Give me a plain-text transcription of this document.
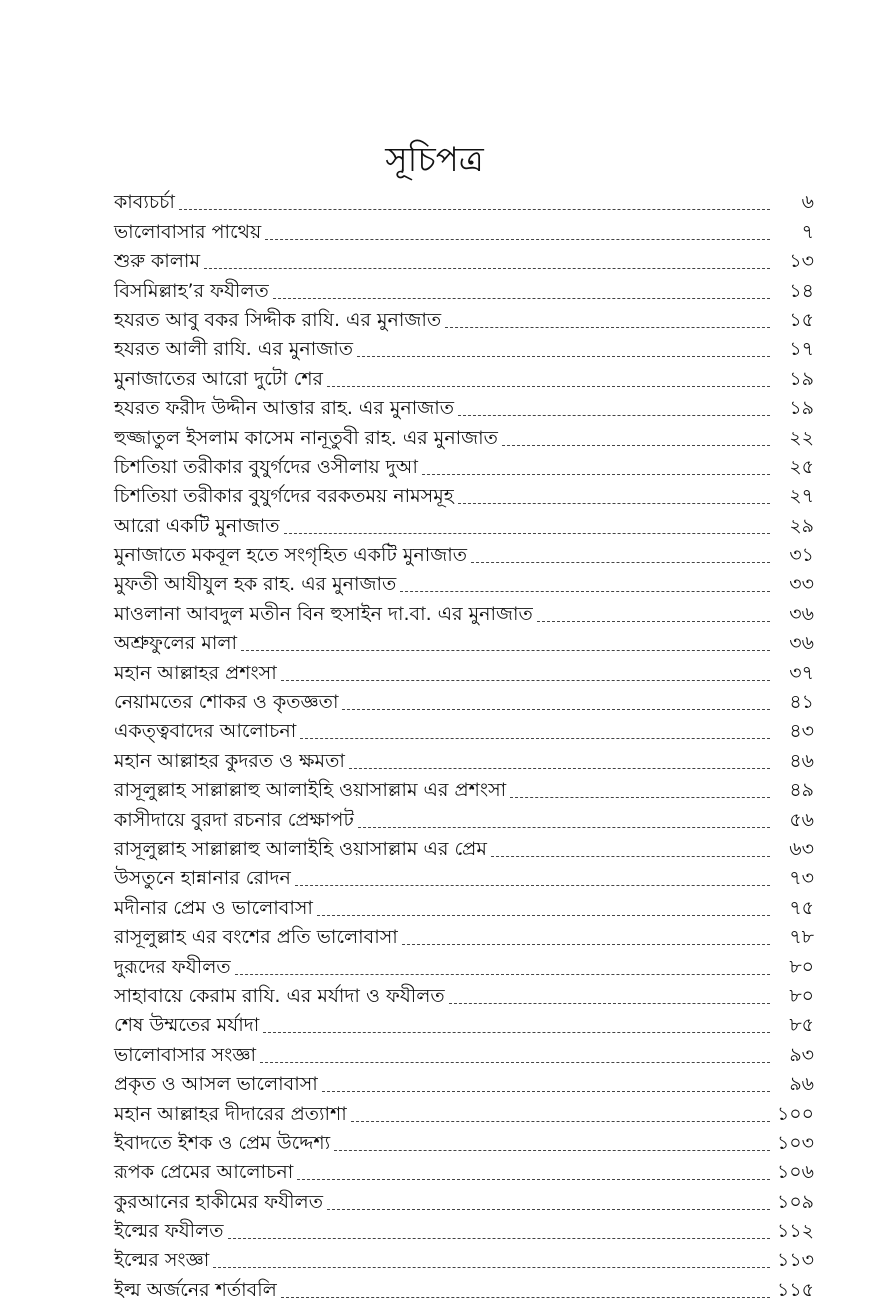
সূচিপত্র
কাব্যচর্চা	৬
ভালোবাসার পাথেয়	৭
শুরু কালাম	১৩
বিসমিল্লাহ’র ফযীলত	১৪
হযরত আবু বকর সিদ্দীক রাযি. এর মুনাজাত	১৫
হযরত আলী রাযি. এর মুনাজাত	১৭
মুনাজাতের আরো দুটো শের	১৯
হযরত ফরীদ উদ্দীন আত্তার রাহ. এর মুনাজাত	১৯
হুজ্জাতুল ইসলাম কাসেম নানূতুবী রাহ. এর মুনাজাত	২২
চিশতিয়া তরীকার বুযুর্গদের ওসীলায় দুআ	২৫
চিশতিয়া তরীকার বুযুর্গদের বরকতময় নামসমূহ	২৭
আরো একটি মুনাজাত	২৯
মুনাজাতে মকবূল হতে সংগৃহিত একটি মুনাজাত	৩১
মুফতী আযীযুল হক রাহ. এর মুনাজাত	৩৩
মাওলানা আবদুল মতীন বিন হুসাইন দা.বা. এর মুনাজাত	৩৬
অশ্রুফুলের মালা	৩৬
মহান আল্লাহর প্রশংসা	৩৭
নেয়ামতের শোকর ও কৃতজ্ঞতা	৪১
একত্ত্ববাদের আলোচনা	৪৩
মহান আল্লাহর কুদরত ও ক্ষমতা	৪৬
রাসূলুল্লাহ সাল্লাল্লাহু আলাইহি ওয়াসাল্লাম এর প্রশংসা	৪৯
কাসীদায়ে বুরদা রচনার প্রেক্ষাপট	৫৬
রাসূলুল্লাহ সাল্লাল্লাহু আলাইহি ওয়াসাল্লাম এর প্রেম	৬৩
উসতুনে হান্নানার রোদন	৭৩
মদীনার প্রেম ও ভালোবাসা	৭৫
রাসূলুল্লাহ এর বংশের প্রতি ভালোবাসা	৭৮
দুরূদের ফযীলত	৮০
সাহাবায়ে কেরাম রাযি. এর মর্যাদা ও ফযীলত	৮০
শেষ উম্মতের মর্যাদা	৮৫
ভালোবাসার সংজ্ঞা	৯৩
প্রকৃত ও আসল ভালোবাসা	৯৬
মহান আল্লাহর দীদারের প্রত্যাশা	১০০
ইবাদতে ইশক ও প্রেম উদ্দেশ্য	১০৩
রূপক প্রেমের আলোচনা	১০৬
কুরআনের হাকীমের ফযীলত	১০৯
ইল্মের ফযীলত	১১২
ইল্মের সংজ্ঞা	১১৩
ইল্ম অর্জনের শর্তাবলি	১১৫
